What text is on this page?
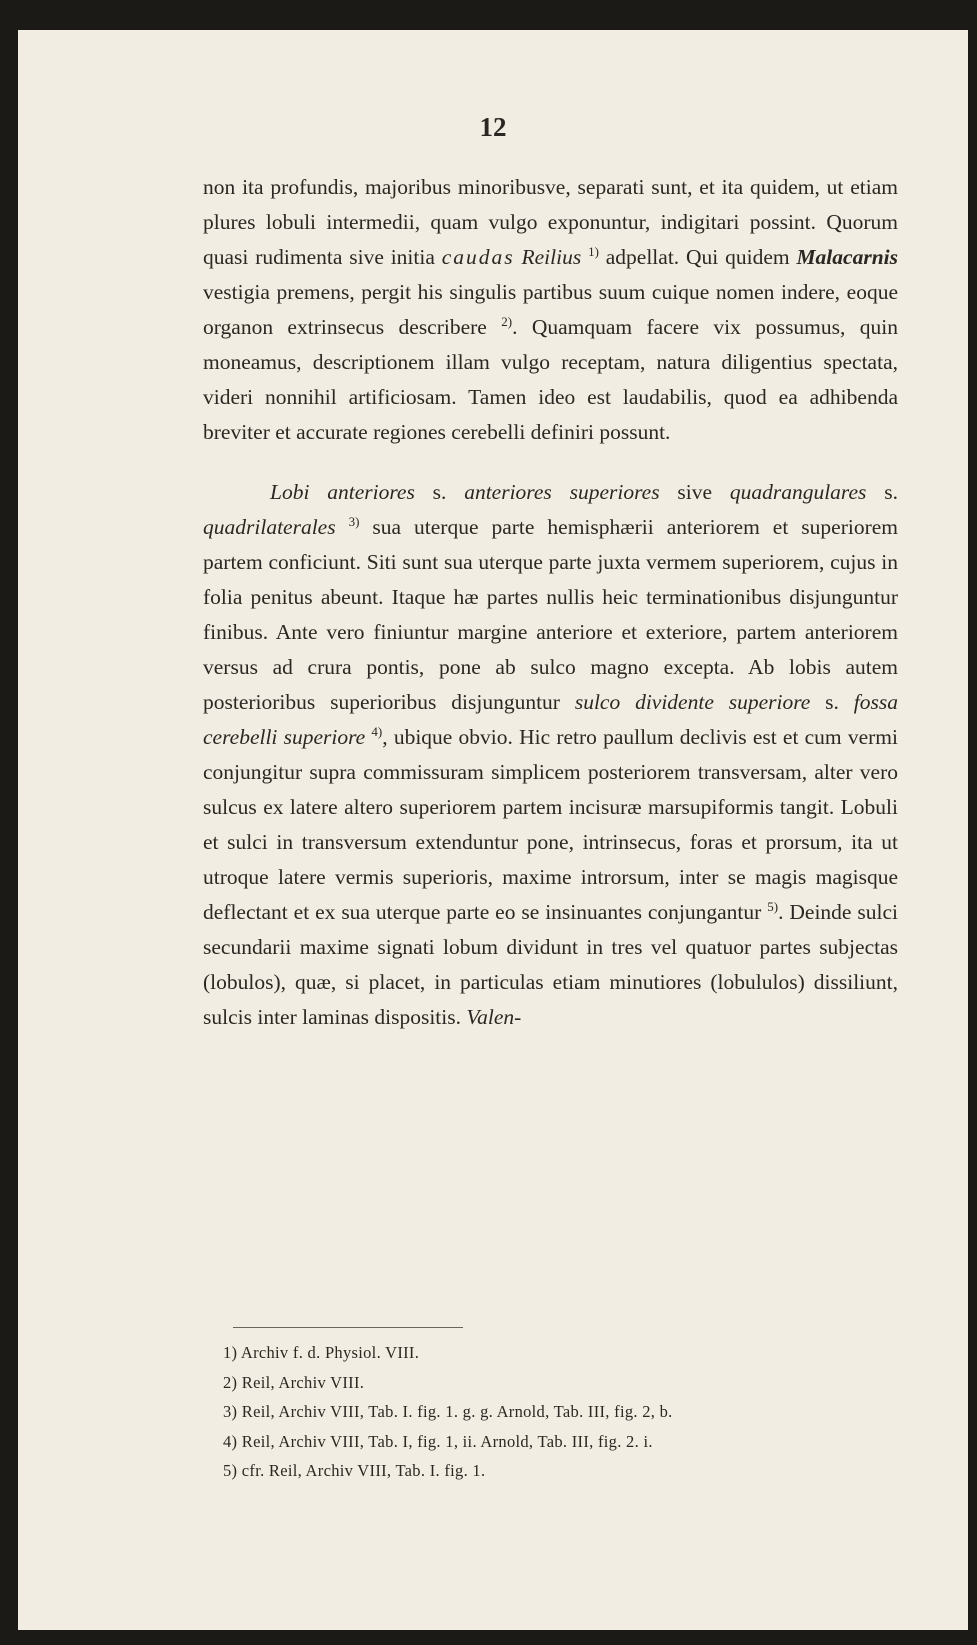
12

non ita profundis, majoribus minoribusve, separati sunt, et ita quidem, ut etiam plures lobuli intermedii, quam vulgo exponuntur, indigitari possint. Quorum quasi rudimenta sive initia caudas Reilius $^{1)}$ adpellat. Qui quidem Malacarnis vestigia premens, pergit his singulis partibus suum cuique nomen indere, eoque organon extrinsecus describere $^{2)}$. Quamquam facere vix possumus, quin moneamus, descriptionem illam vulgo receptam, natura diligentius spectata, videri nonnihil artificiosam. Tamen ideo est laudabilis, quod ea adhibenda breviter et accurate regiones cerebelli definiri possunt.

Lobi anteriores s. anteriores superiores sive quadrangulares s. quadrilaterales $^{3)}$ sua uterque parte hemisphærii anteriorem et superiorem partem conficiunt. Siti sunt sua uterque parte juxta vermem superiorem, cujus in folia penitus abeunt. Itaque hæ partes nullis heic terminationibus disjunguntur finibus. Ante vero finiuntur margine anteriore et exteriore, partem anteriorem versus ad crura pontis, pone ab sulco magno excepta. Ab lobis autem posterioribus superioribus disjunguntur sulco dividente superiore s. fossa cerebelli superiore $^{4)}$, ubique obvio. Hic retro paullum declivis est et cum vermi conjungitur supra commissuram simplicem posteriorem transversam, alter vero sulcus ex latere altero superiorem partem incisuræ marsupiformis tangit. Lobuli et sulci in transversum extenduntur pone, intrinsecus, foras et prorsum, ita ut utroque latere vermis superioris, maxime introrsum, inter se magis magisque deflectant et ex sua uterque parte eo se insinuantes conjungantur $^{5)}$. Deinde sulci secundarii maxime signati lobum dividunt in tres vel quatuor partes subjectas (lobulos), quæ, si placet, in particulas etiam minutiores (lobululos) dissiliunt, sulcis inter laminas dispositis. Valen-

1) Archiv f. d. Physiol. VIII.
2) Reil, Archiv VIII.
3) Reil, Archiv VIII, Tab. I. fig. 1. g. g. Arnold, Tab. III, fig. 2, b.
4) Reil, Archiv VIII, Tab. I, fig. 1, ii. Arnold, Tab. III, fig. 2. i.
5) cfr. Reil, Archiv VIII, Tab. I. fig. 1.
